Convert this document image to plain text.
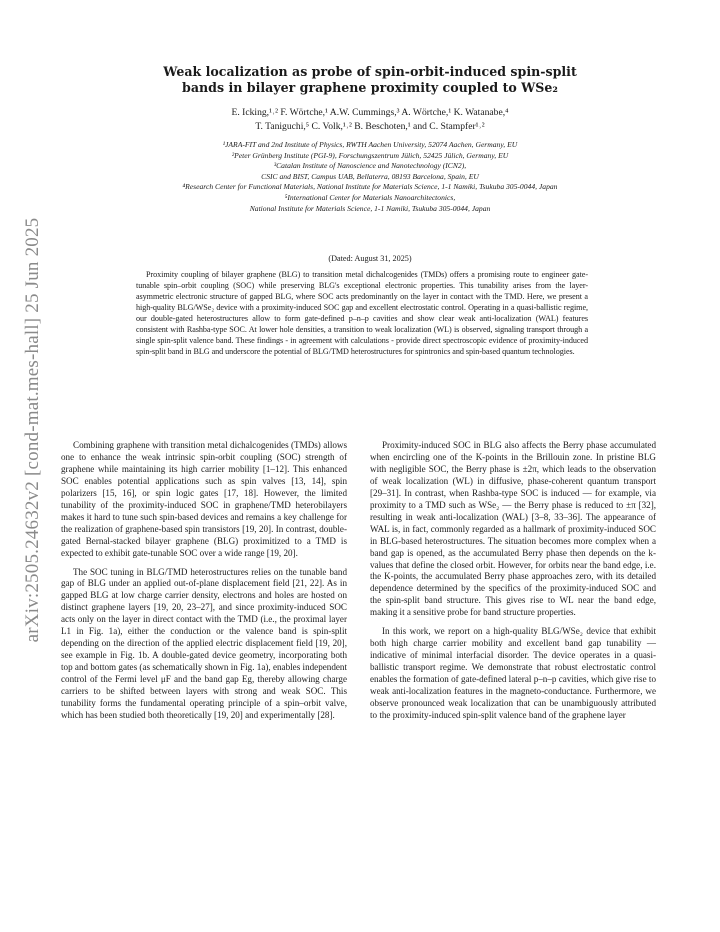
arXiv:2505.24632v2 [cond-mat.mes-hall] 25 Jun 2025
Weak localization as probe of spin-orbit-induced spin-split
bands in bilayer graphene proximity coupled to WSe₂
E. Icking,¹˒² F. Wörtche,¹ A.W. Cummings,³ A. Wörtche,¹ K. Watanabe,⁴
T. Taniguchi,⁵ C. Volk,¹˒² B. Beschoten,¹ and C. Stampfer¹˒²
¹JARA-FIT and 2nd Institute of Physics, RWTH Aachen University, 52074 Aachen, Germany, EU
²Peter Grünberg Institute (PGI-9), Forschungszentrum Jülich, 52425 Jülich, Germany, EU
³Catalan Institute of Nanoscience and Nanotechnology (ICN2),
CSIC and BIST, Campus UAB, Bellaterra, 08193 Barcelona, Spain, EU
⁴Research Center for Functional Materials, National Institute for Materials Science, 1-1 Namiki, Tsukuba 305-0044, Japan
⁵International Center for Materials Nanoarchitectonics,
National Institute for Materials Science, 1-1 Namiki, Tsukuba 305-0044, Japan
(Dated: August 31, 2025)
Proximity coupling of bilayer graphene (BLG) to transition metal dichalcogenides (TMDs) offers a promising route to engineer gate-tunable spin–orbit coupling (SOC) while preserving BLG's exceptional electronic properties. This tunability arises from the layer-asymmetric electronic structure of gapped BLG, where SOC acts predominantly on the layer in contact with the TMD. Here, we present a high-quality BLG/WSe₂ device with a proximity-induced SOC gap and excellent electrostatic control. Operating in a quasi-ballistic regime, our double-gated heterostructures allow to form gate-defined p–n–p cavities and show clear weak anti-localization (WAL) features consistent with Rashba-type SOC. At lower hole densities, a transition to weak localization (WL) is observed, signaling transport through a single spin-split valence band. These findings - in agreement with calculations - provide direct spectroscopic evidence of proximity-induced spin-split band in BLG and underscore the potential of BLG/TMD heterostructures for spintronics and spin-based quantum technologies.

Combining graphene with transition metal dichalcogenides (TMDs) allows one to enhance the weak intrinsic spin-orbit coupling (SOC) strength of graphene while maintaining its high carrier mobility [1–12]. This enhanced SOC enables potential applications such as spin valves [13, 14], spin polarizers [15, 16], or spin logic gates [17, 18]. However, the limited tunability of the proximity-induced SOC in graphene/TMD heterobilayers makes it hard to tune such spin-based devices and remains a key challenge for the realization of graphene-based spin transistors [19, 20]. In contrast, double-gated Bernal-stacked bilayer graphene (BLG) proximitized to a TMD is expected to exhibit gate-tunable SOC over a wide range [19, 20].

The SOC tuning in BLG/TMD heterostructures relies on the tunable band gap of BLG under an applied out-of-plane displacement field [21, 22]. As in gapped BLG at low charge carrier density, electrons and holes are hosted on distinct graphene layers [19, 20, 23–27], and since proximity-induced SOC acts only on the layer in direct contact with the TMD (i.e., the proximal layer L1 in Fig. 1a), either the conduction or the valence band is spin-split depending on the direction of the applied electric displacement field [19, 20], see example in Fig. 1b. A double-gated device geometry, incorporating both top and bottom gates (as schematically shown in Fig. 1a), enables independent control of the Fermi level μF and the band gap Eg, thereby allowing charge carriers to be shifted between layers with strong and weak SOC. This tunability forms the fundamental operating principle of a spin–orbit valve, which has been studied both theoretically [19, 20] and experimentally [28].

Proximity-induced SOC in BLG also affects the Berry phase accumulated when encircling one of the K-points in the Brillouin zone. In pristine BLG with negligible SOC, the Berry phase is ±2π, which leads to the observation of weak localization (WL) in diffusive, phase-coherent quantum transport [29–31]. In contrast, when Rashba-type SOC is induced — for example, via proximity to a TMD such as WSe₂ — the Berry phase is reduced to ±π [32], resulting in weak anti-localization (WAL) [3–8, 33–36]. The appearance of WAL is, in fact, commonly regarded as a hallmark of proximity-induced SOC in BLG-based heterostructures. The situation becomes more complex when a band gap is opened, as the accumulated Berry phase then depends on the k-values that define the closed orbit. However, for orbits near the band edge, i.e. the K-points, the accumulated Berry phase approaches zero, with its detailed dependence determined by the specifics of the proximity-induced SOC and the spin-split band structure. This gives rise to WL near the band edge, making it a sensitive probe for band structure properties.

In this work, we report on a high-quality BLG/WSe₂ device that exhibit both high charge carrier mobility and excellent band gap tunability — indicative of minimal interfacial disorder. The device operates in a quasi-ballistic transport regime. We demonstrate that robust electrostatic control enables the formation of gate-defined lateral p–n–p cavities, which give rise to weak anti-localization features in the magneto-conductance. Furthermore, we observe pronounced weak localization that can be unambiguously attributed to the proximity-induced spin-split valence band of the graphene layer
